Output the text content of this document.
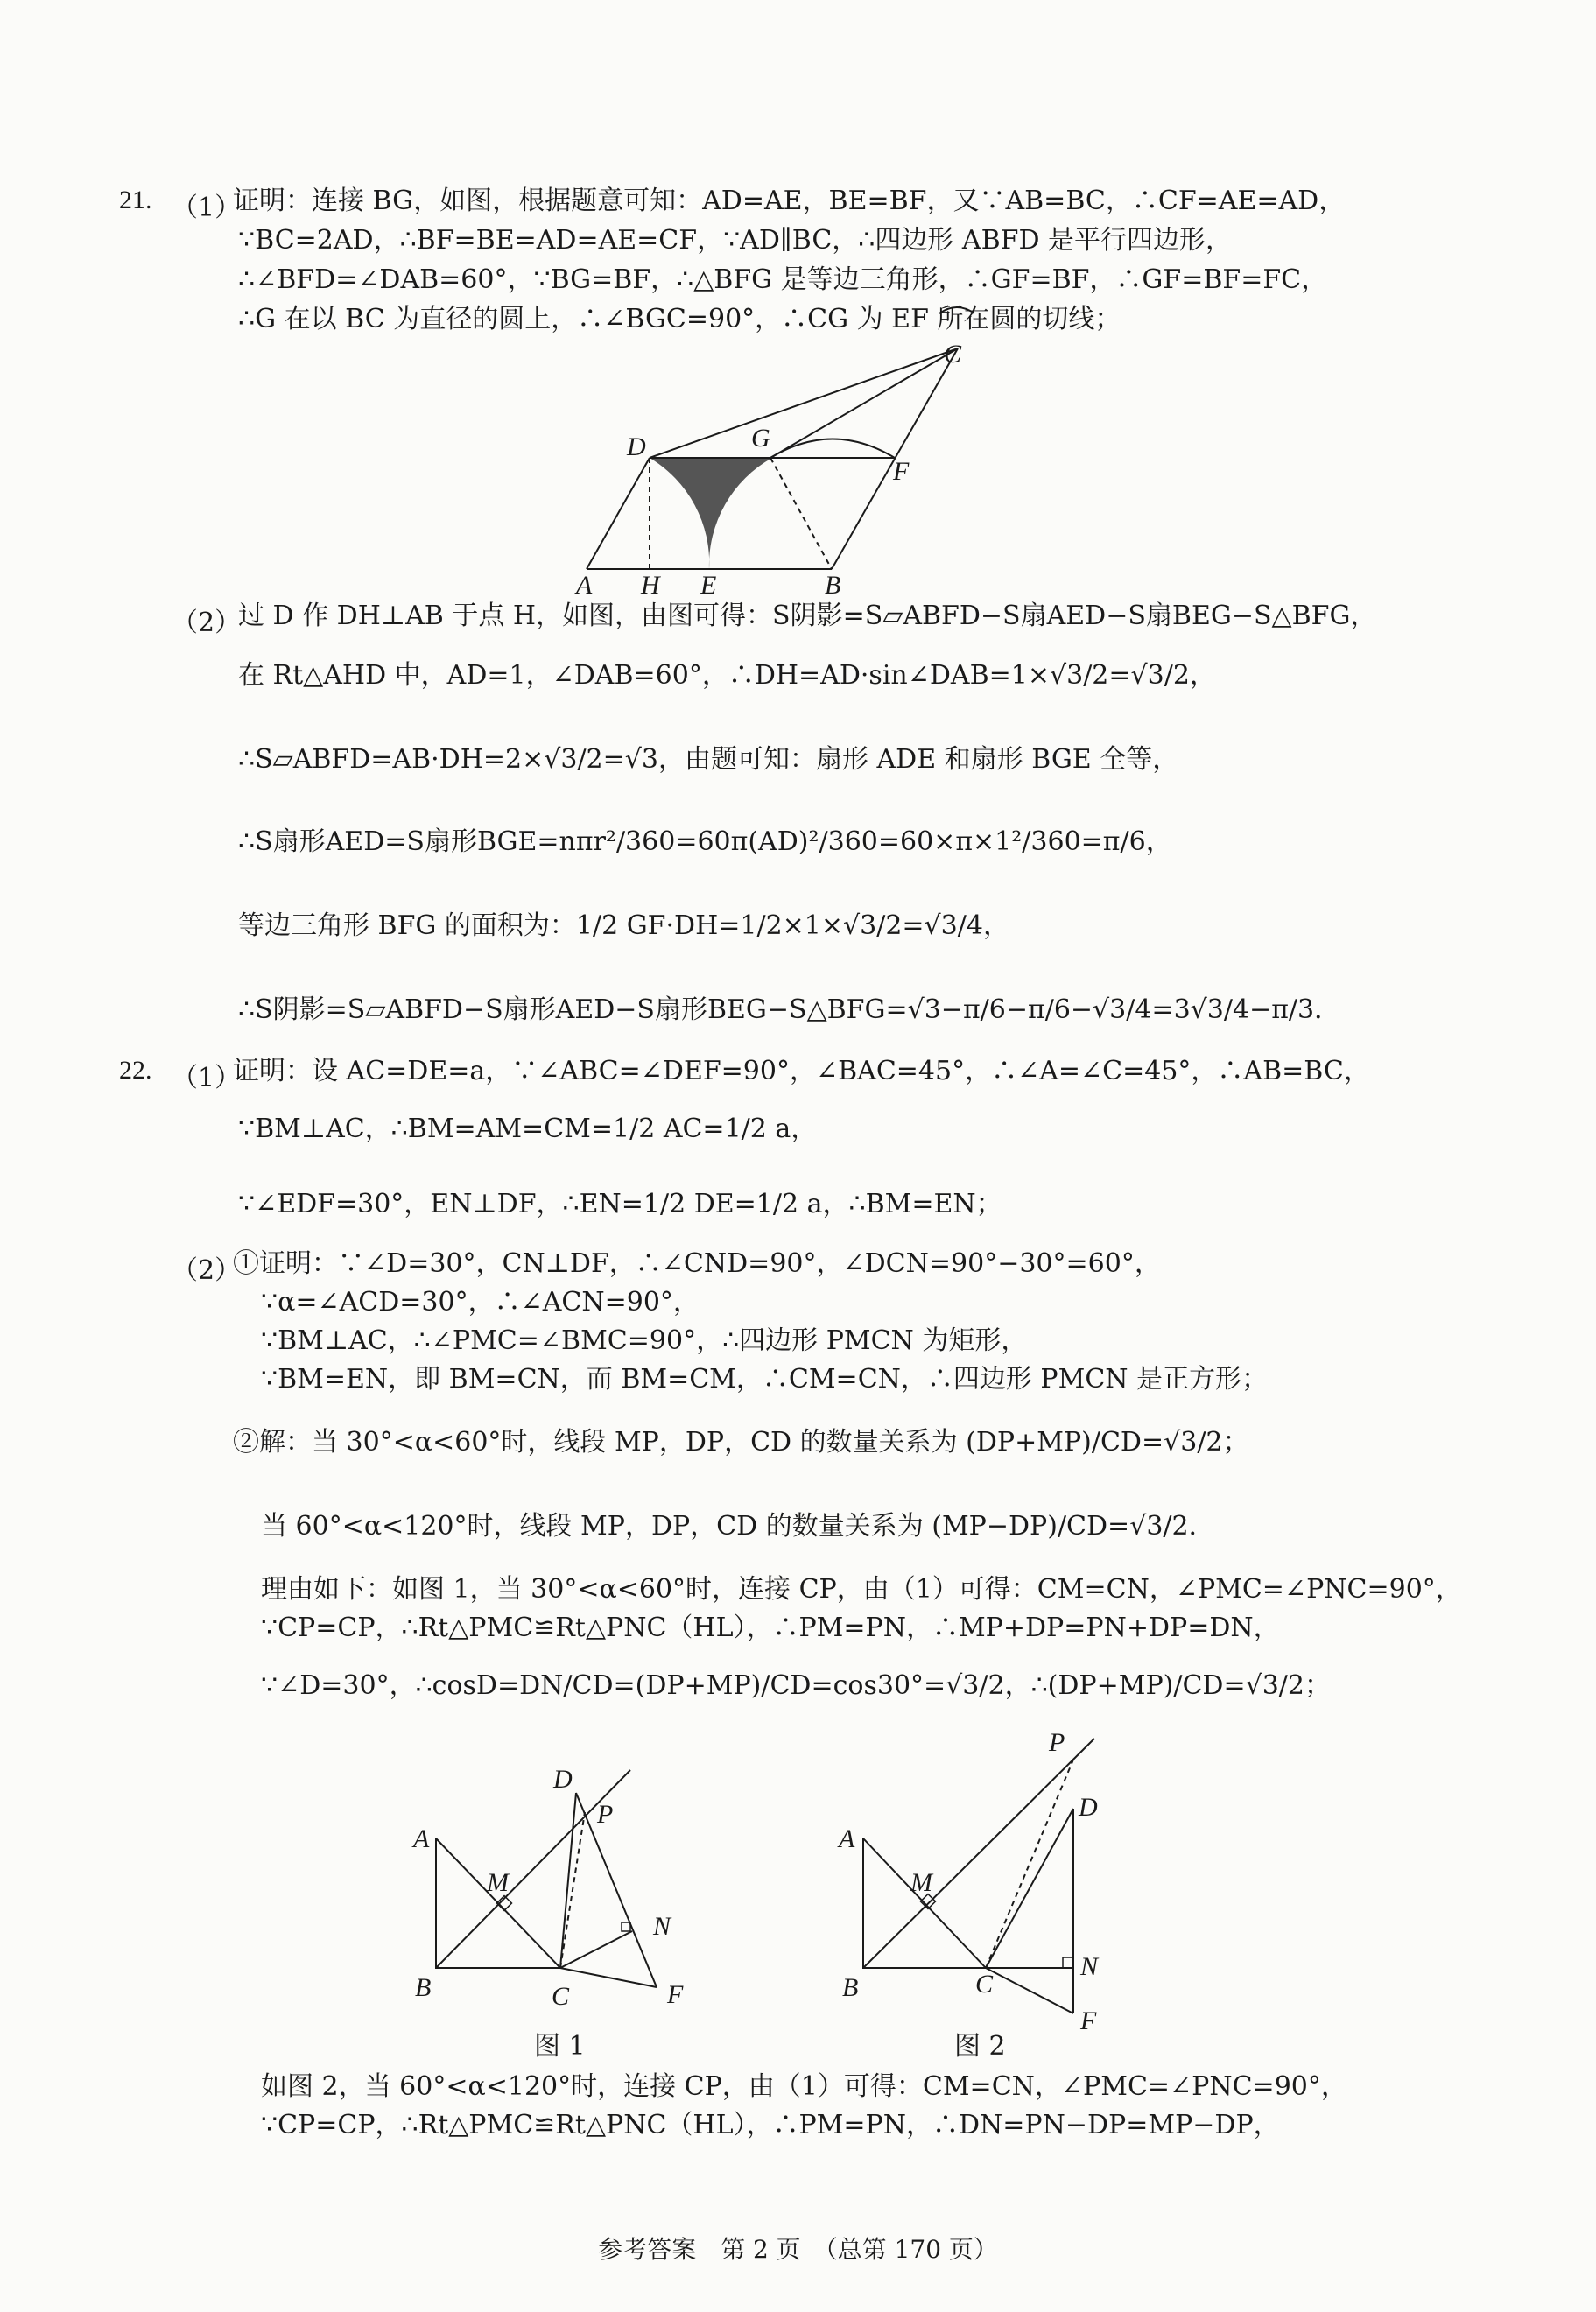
21. （1）
证明：连接 BG，如图，根据题意可知：AD=AE，BE=BF，又∵AB=BC，∴CF=AE=AD，
∵BC=2AD，∴BF=BE=AD=AE=CF，∵AD∥BC，∴四边形 ABFD 是平行四边形，
∴∠BFD=∠DAB=60°，∵BG=BF，∴△BFG 是等边三角形，∴GF=BF，∴GF=BF=FC，
∴G 在以 BC 为直径的圆上，∴∠BGC=90°，∴CG 为 EF 所在圆的切线；
A H E	B
D	G
F
C
（2）
过 D 作 DH⊥AB 于点 H，如图，由图可得：S阴影=S▱ABFD−S扇AED−S扇BEG−S△BFG，
在 Rt△AHD 中，AD=1，∠DAB=60°，∴DH=AD·sin∠DAB=1×√3/2=√3/2，
∴S▱ABFD=AB·DH=2×√3/2=√3，由题可知：扇形 ADE 和扇形 BGE 全等，
∴S扇形AED=S扇形BGE=nπr²/360=60π(AD)²/360=60×π×1²/360=π/6，
等边三角形 BFG 的面积为：1/2 GF·DH=1/2×1×√3/2=√3/4，
∴S阴影=S▱ABFD−S扇形AED−S扇形BEG−S△BFG=√3−π/6−π/6−√3/4=3√3/4−π/3．
22. （1）
证明：设 AC=DE=a，∵∠ABC=∠DEF=90°，∠BAC=45°，∴∠A=∠C=45°，∴AB=BC，
∵BM⊥AC，∴BM=AM=CM=1/2 AC=1/2 a，
∵∠EDF=30°，EN⊥DF，∴EN=1/2 DE=1/2 a，∴BM=EN；
（2）
①证明：∵∠D=30°，CN⊥DF，∴∠CND=90°，∠DCN=90°−30°=60°，
∵α=∠ACD=30°，∴∠ACN=90°，
∵BM⊥AC，∴∠PMC=∠BMC=90°，∴四边形 PMCN 为矩形，
∵BM=EN，即 BM=CN，而 BM=CM，∴CM=CN，∴四边形 PMCN 是正方形；
②解：当 30°<α<60°时，线段 MP，DP，CD 的数量关系为 (DP+MP)/CD=√3/2；
当 60°<α<120°时，线段 MP，DP，CD 的数量关系为 (MP−DP)/CD=√3/2．
理由如下：如图 1，当 30°<α<60°时，连接 CP，由（1）可得：CM=CN，∠PMC=∠PNC=90°，
∵CP=CP，∴Rt△PMC≌Rt△PNC（HL），∴PM=PN，∴MP+DP=PN+DP=DN，
∵∠D=30°，∴cosD=DN/CD=(DP+MP)/CD=cos30°=√3/2，∴(DP+MP)/CD=√3/2；
A
M
B	C
D
P
N
F
图 1
A
M
B	C
P
D
N
F
图 2
如图 2，当 60°<α<120°时，连接 CP，由（1）可得：CM=CN，∠PMC=∠PNC=90°，
∵CP=CP，∴Rt△PMC≌Rt△PNC（HL），∴PM=PN，∴DN=PN−DP=MP−DP，
参考答案　第 2 页　（总第 170 页）
